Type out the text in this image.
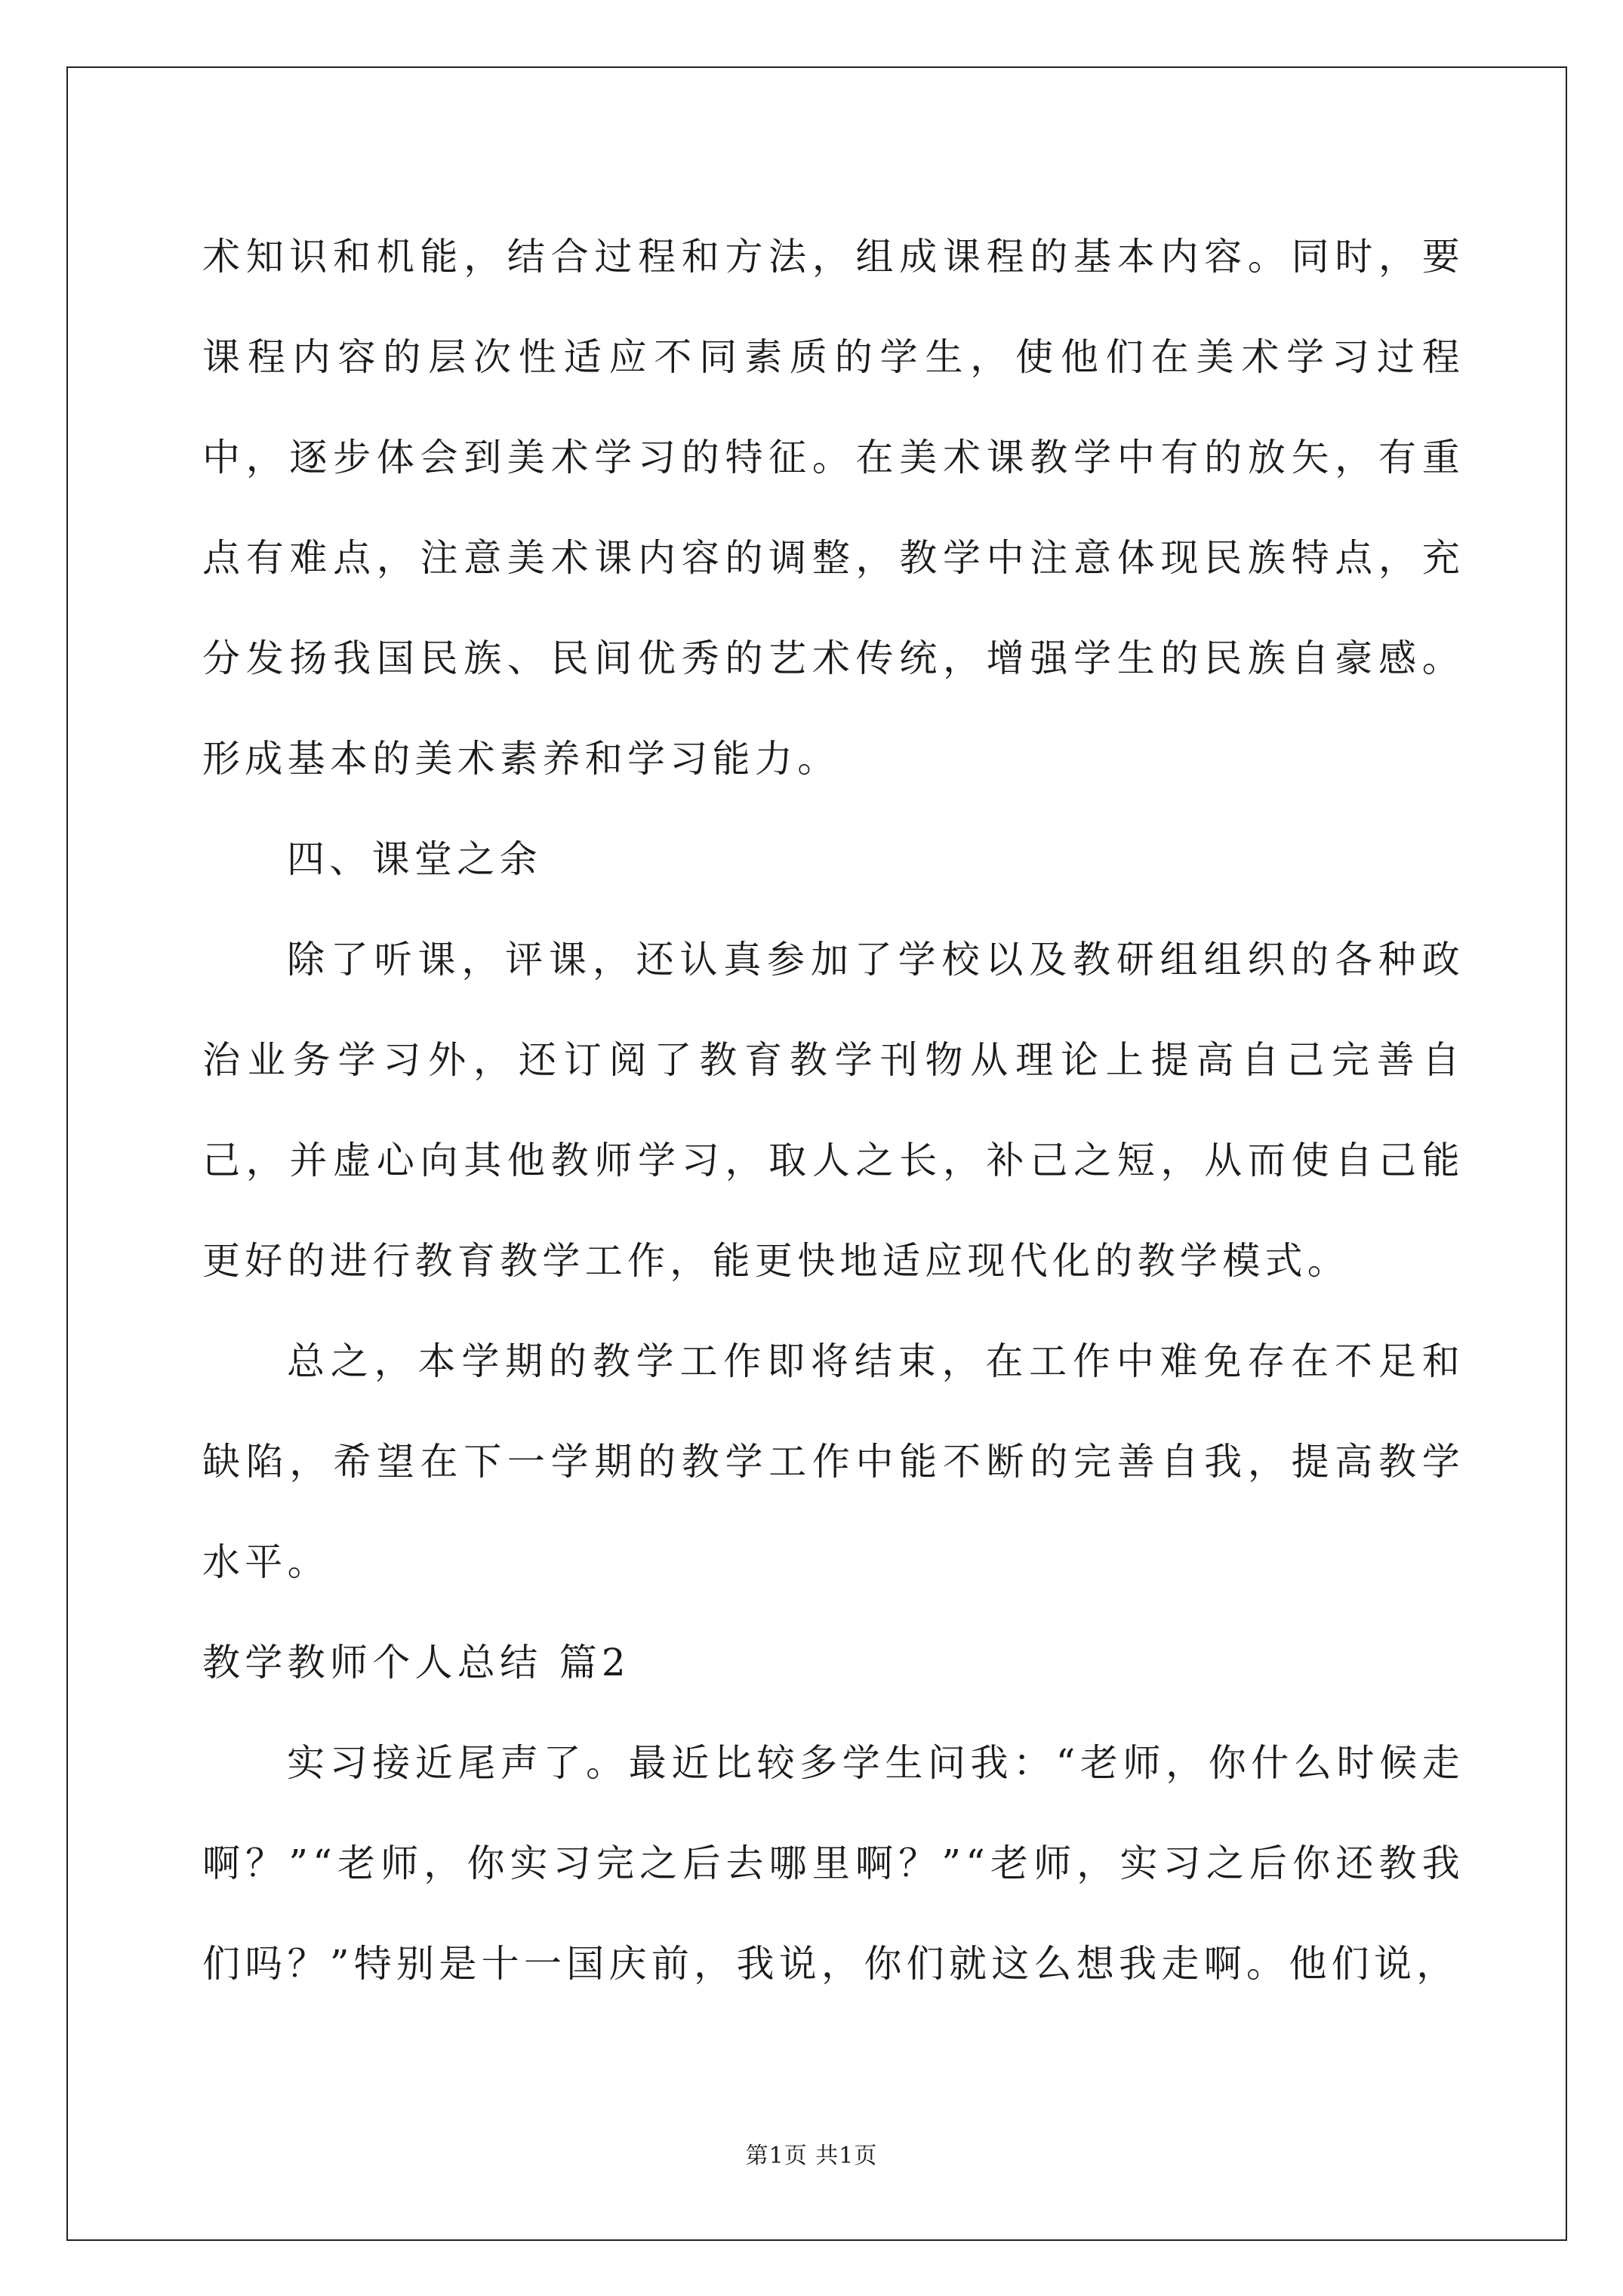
术知识和机能，结合过程和方法，组成课程的基本内容。同时，要课程内容的层次性适应不同素质的学生，使他们在美术学习过程中，逐步体会到美术学习的特征。在美术课教学中有的放矢，有重点有难点，注意美术课内容的调整，教学中注意体现民族特点，充分发扬我国民族、民间优秀的艺术传统，增强学生的民族自豪感。形成基本的美术素养和学习能力。

四、课堂之余

除了听课，评课，还认真参加了学校以及教研组组织的各种政治业务学习外，还订阅了教育教学刊物从理论上提高自己完善自己，并虚心向其他教师学习，取人之长，补己之短，从而使自己能更好的进行教育教学工作，能更快地适应现代化的教学模式。

总之，本学期的教学工作即将结束，在工作中难免存在不足和缺陷，希望在下一学期的教学工作中能不断的完善自我，提高教学水平。

教学教师个人总结 篇2

实习接近尾声了。最近比较多学生问我：“老师，你什么时候走啊？”“老师，你实习完之后去哪里啊？”“老师，实习之后你还教我们吗？”特别是十一国庆前，我说，你们就这么想我走啊。他们说，

第1页 共1页
